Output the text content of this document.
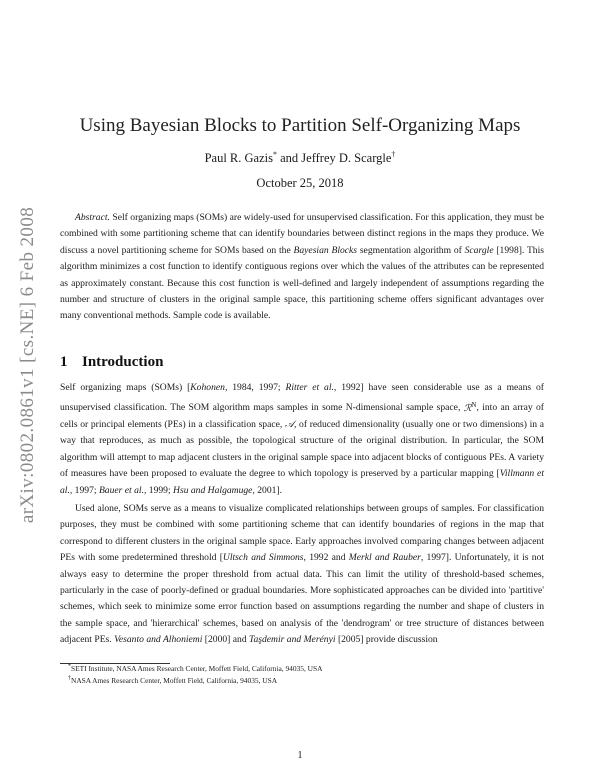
arXiv:0802.0861v1 [cs.NE] 6 Feb 2008
Using Bayesian Blocks to Partition Self-Organizing Maps
Paul R. Gazis* and Jeffrey D. Scargle†
October 25, 2018

Abstract. Self organizing maps (SOMs) are widely-used for unsupervised classification. For this application, they must be combined with some partitioning scheme that can identify boundaries between distinct regions in the maps they produce. We discuss a novel partitioning scheme for SOMs based on the Bayesian Blocks segmentation algorithm of Scargle [1998]. This algorithm minimizes a cost function to identify contiguous regions over which the values of the attributes can be represented as approximately constant. Because this cost function is well-defined and largely independent of assumptions regarding the number and structure of clusters in the original sample space, this partitioning scheme offers significant advantages over many conventional methods. Sample code is available.

1 Introduction

Self organizing maps (SOMs) [Kohonen, 1984, 1997; Ritter et al., 1992] have seen considerable use as a means of unsupervised classification. The SOM algorithm maps samples in some N-dimensional sample space, ℛ$^N$, into an array of cells or principal elements (PEs) in a classification space, 𝒜, of reduced dimensionality (usually one or two dimensions) in a way that reproduces, as much as possible, the topological structure of the original distribution. In particular, the SOM algorithm will attempt to map adjacent clusters in the original sample space into adjacent blocks of contiguous PEs. A variety of measures have been proposed to evaluate the degree to which topology is preserved by a particular mapping [Villmann et al., 1997; Bauer et al., 1999; Hsu and Halgamuge, 2001].

Used alone, SOMs serve as a means to visualize complicated relationships between groups of samples. For classification purposes, they must be combined with some partitioning scheme that can identify boundaries of regions in the map that correspond to different clusters in the original sample space. Early approaches involved comparing changes between adjacent PEs with some predetermined threshold [Ultsch and Simmons, 1992 and Merkl and Rauber, 1997]. Unfortunately, it is not always easy to determine the proper threshold from actual data. This can limit the utility of threshold-based schemes, particularly in the case of poorly-defined or gradual boundaries. More sophisticated approaches can be divided into 'partitive' schemes, which seek to minimize some error function based on assumptions regarding the number and shape of clusters in the sample space, and 'hierarchical' schemes, based on analysis of the 'dendrogram' or tree structure of distances between adjacent PEs. Vesanto and Alhoniemi [2000] and Taşdemir and Merényi [2005] provide discussion

*SETI Institute, NASA Ames Research Center, Moffett Field, California, 94035, USA
†NASA Ames Research Center, Moffett Field, California, 94035, USA
1
